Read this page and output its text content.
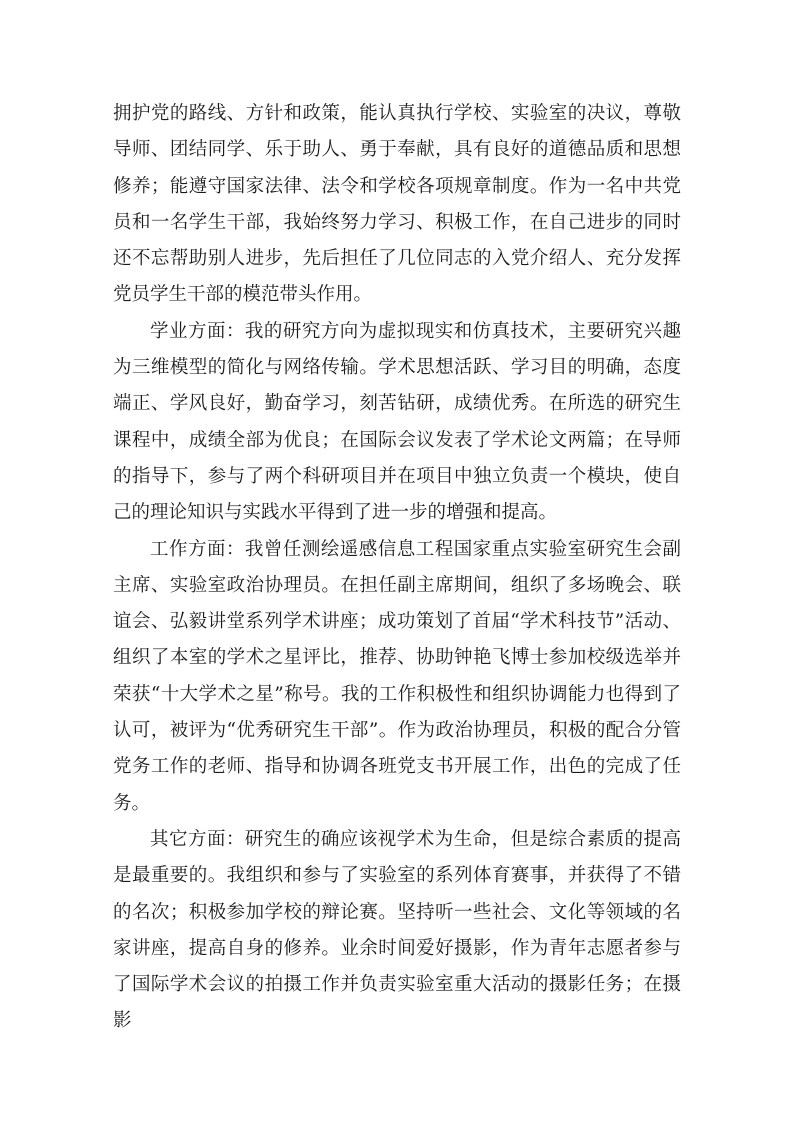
拥护党的路线、方针和政策，能认真执行学校、实验室的决议，尊敬导师、团结同学、乐于助人、勇于奉献，具有良好的道德品质和思想修养；能遵守国家法律、法令和学校各项规章制度。作为一名中共党员和一名学生干部，我始终努力学习、积极工作，在自己进步的同时还不忘帮助别人进步，先后担任了几位同志的入党介绍人、充分发挥党员学生干部的模范带头作用。

学业方面：我的研究方向为虚拟现实和仿真技术，主要研究兴趣为三维模型的简化与网络传输。学术思想活跃、学习目的明确，态度端正、学风良好，勤奋学习，刻苦钻研，成绩优秀。在所选的研究生课程中，成绩全部为优良；在国际会议发表了学术论文两篇；在导师的指导下，参与了两个科研项目并在项目中独立负责一个模块，使自己的理论知识与实践水平得到了进一步的增强和提高。

工作方面：我曾任测绘遥感信息工程国家重点实验室研究生会副主席、实验室政治协理员。在担任副主席期间，组织了多场晚会、联谊会、弘毅讲堂系列学术讲座；成功策划了首届“学术科技节”活动、组织了本室的学术之星评比，推荐、协助钟艳飞博士参加校级选举并荣获“十大学术之星”称号。我的工作积极性和组织协调能力也得到了认可，被评为“优秀研究生干部”。作为政治协理员，积极的配合分管党务工作的老师、指导和协调各班党支书开展工作，出色的完成了任务。

其它方面：研究生的确应该视学术为生命，但是综合素质的提高是最重要的。我组织和参与了实验室的系列体育赛事，并获得了不错的名次；积极参加学校的辩论赛。坚持听一些社会、文化等领域的名家讲座，提高自身的修养。业余时间爱好摄影，作为青年志愿者参与了国际学术会议的拍摄工作并负责实验室重大活动的摄影任务；在摄影
